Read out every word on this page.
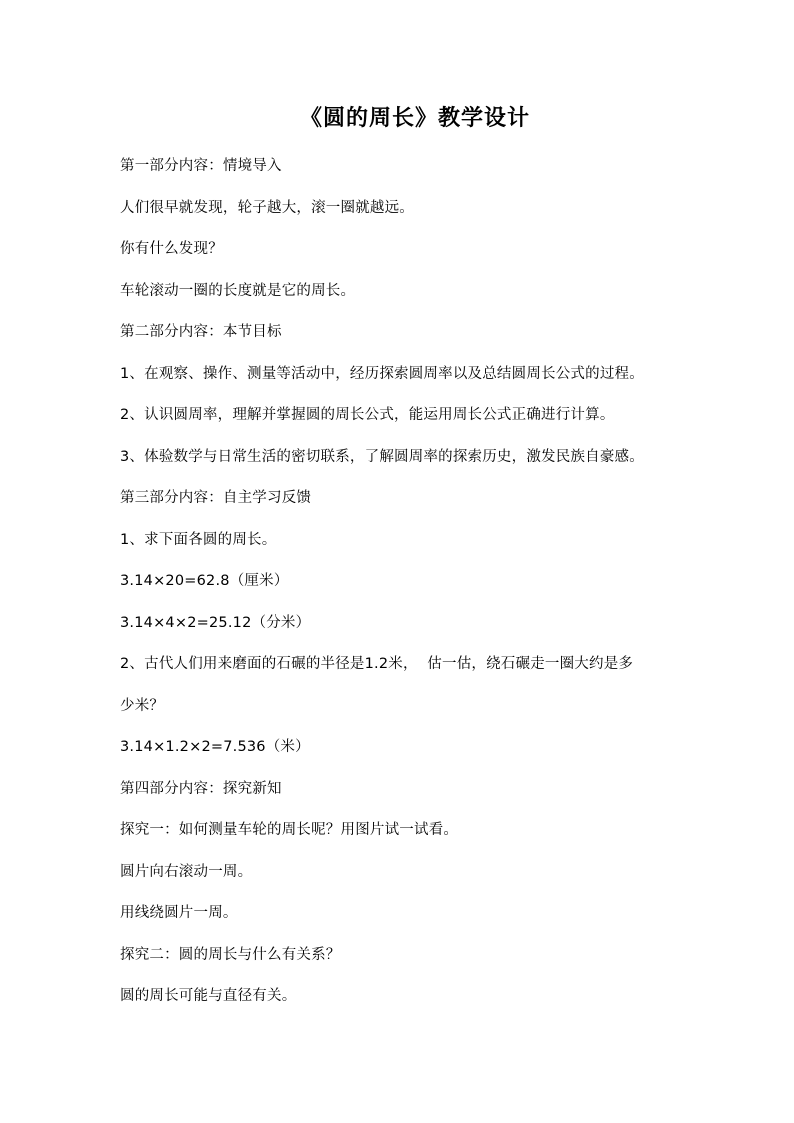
《圆的周长》教学设计
第一部分内容：情境导入
人们很早就发现，轮子越大，滚一圈就越远。
你有什么发现？
车轮滚动一圈的长度就是它的周长。
第二部分内容：本节目标
1、在观察、操作、测量等活动中，经历探索圆周率以及总结圆周长公式的过程。
2、认识圆周率，理解并掌握圆的周长公式，能运用周长公式正确进行计算。
3、体验数学与日常生活的密切联系，了解圆周率的探索历史，激发民族自豪感。
第三部分内容：自主学习反馈
1、求下面各圆的周长。
3.14×20=62.8（厘米）
3.14×4×2=25.12（分米）
2、古代人们用来磨面的石碾的半径是1.2米，  估一估，绕石碾走一圈大约是多
少米？
3.14×1.2×2=7.536（米）
第四部分内容：探究新知
探究一：如何测量车轮的周长呢？用图片试一试看。
圆片向右滚动一周。
用线绕圆片一周。
探究二：圆的周长与什么有关系？
圆的周长可能与直径有关。
